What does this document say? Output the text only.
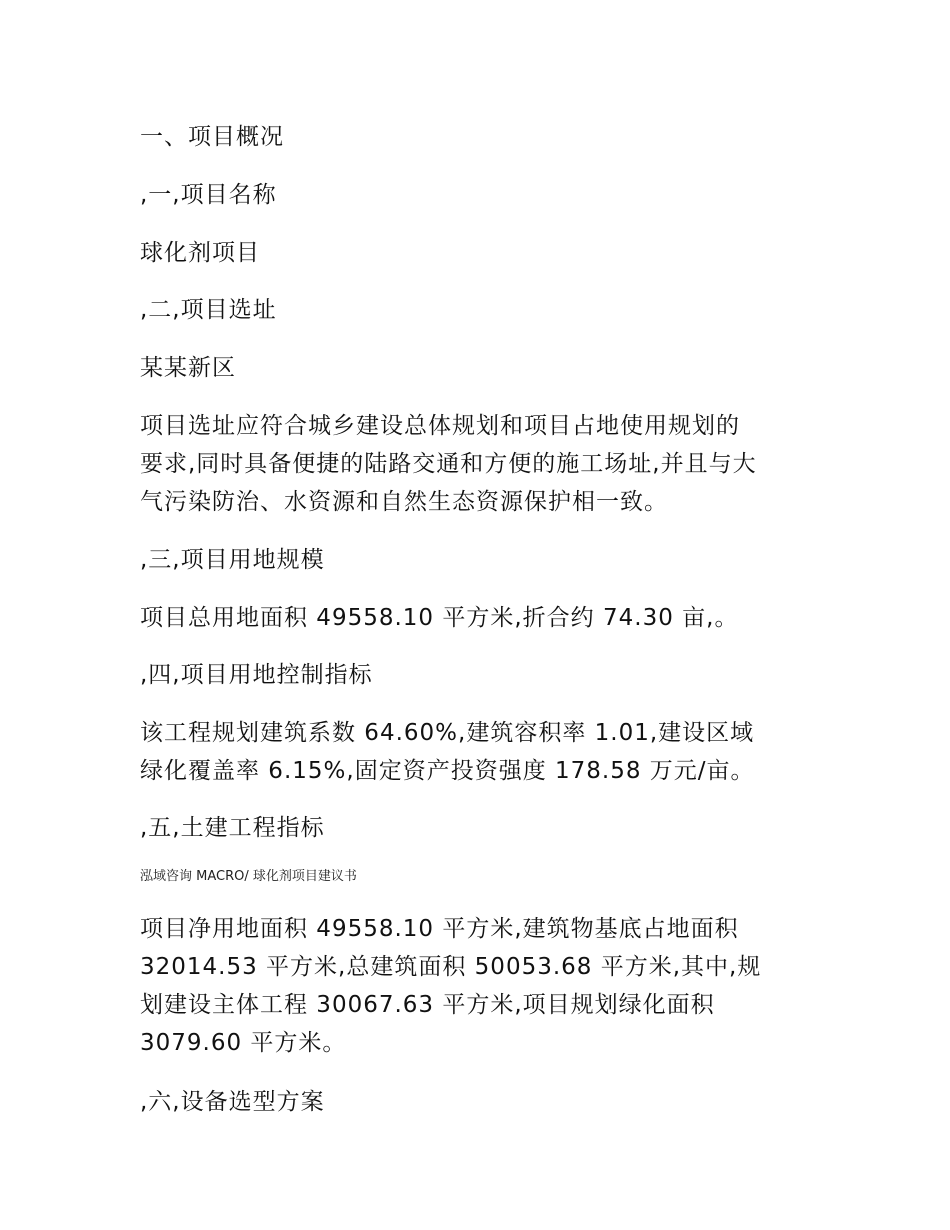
一、项目概况
,一,项目名称
球化剂项目
,二,项目选址
某某新区
项目选址应符合城乡建设总体规划和项目占地使用规划的
要求,同时具备便捷的陆路交通和方便的施工场址,并且与大
气污染防治、水资源和自然生态资源保护相一致。
,三,项目用地规模
项目总用地面积 49558.10 平方米,折合约 74.30 亩,。
,四,项目用地控制指标
该工程规划建筑系数 64.60%,建筑容积率 1.01,建设区域
绿化覆盖率 6.15%,固定资产投资强度 178.58 万元/亩。
,五,土建工程指标
泓域咨询 MACRO/ 球化剂项目建议书
项目净用地面积 49558.10 平方米,建筑物基底占地面积
32014.53 平方米,总建筑面积 50053.68 平方米,其中,规
划建设主体工程 30067.63 平方米,项目规划绿化面积
3079.60 平方米。
,六,设备选型方案
